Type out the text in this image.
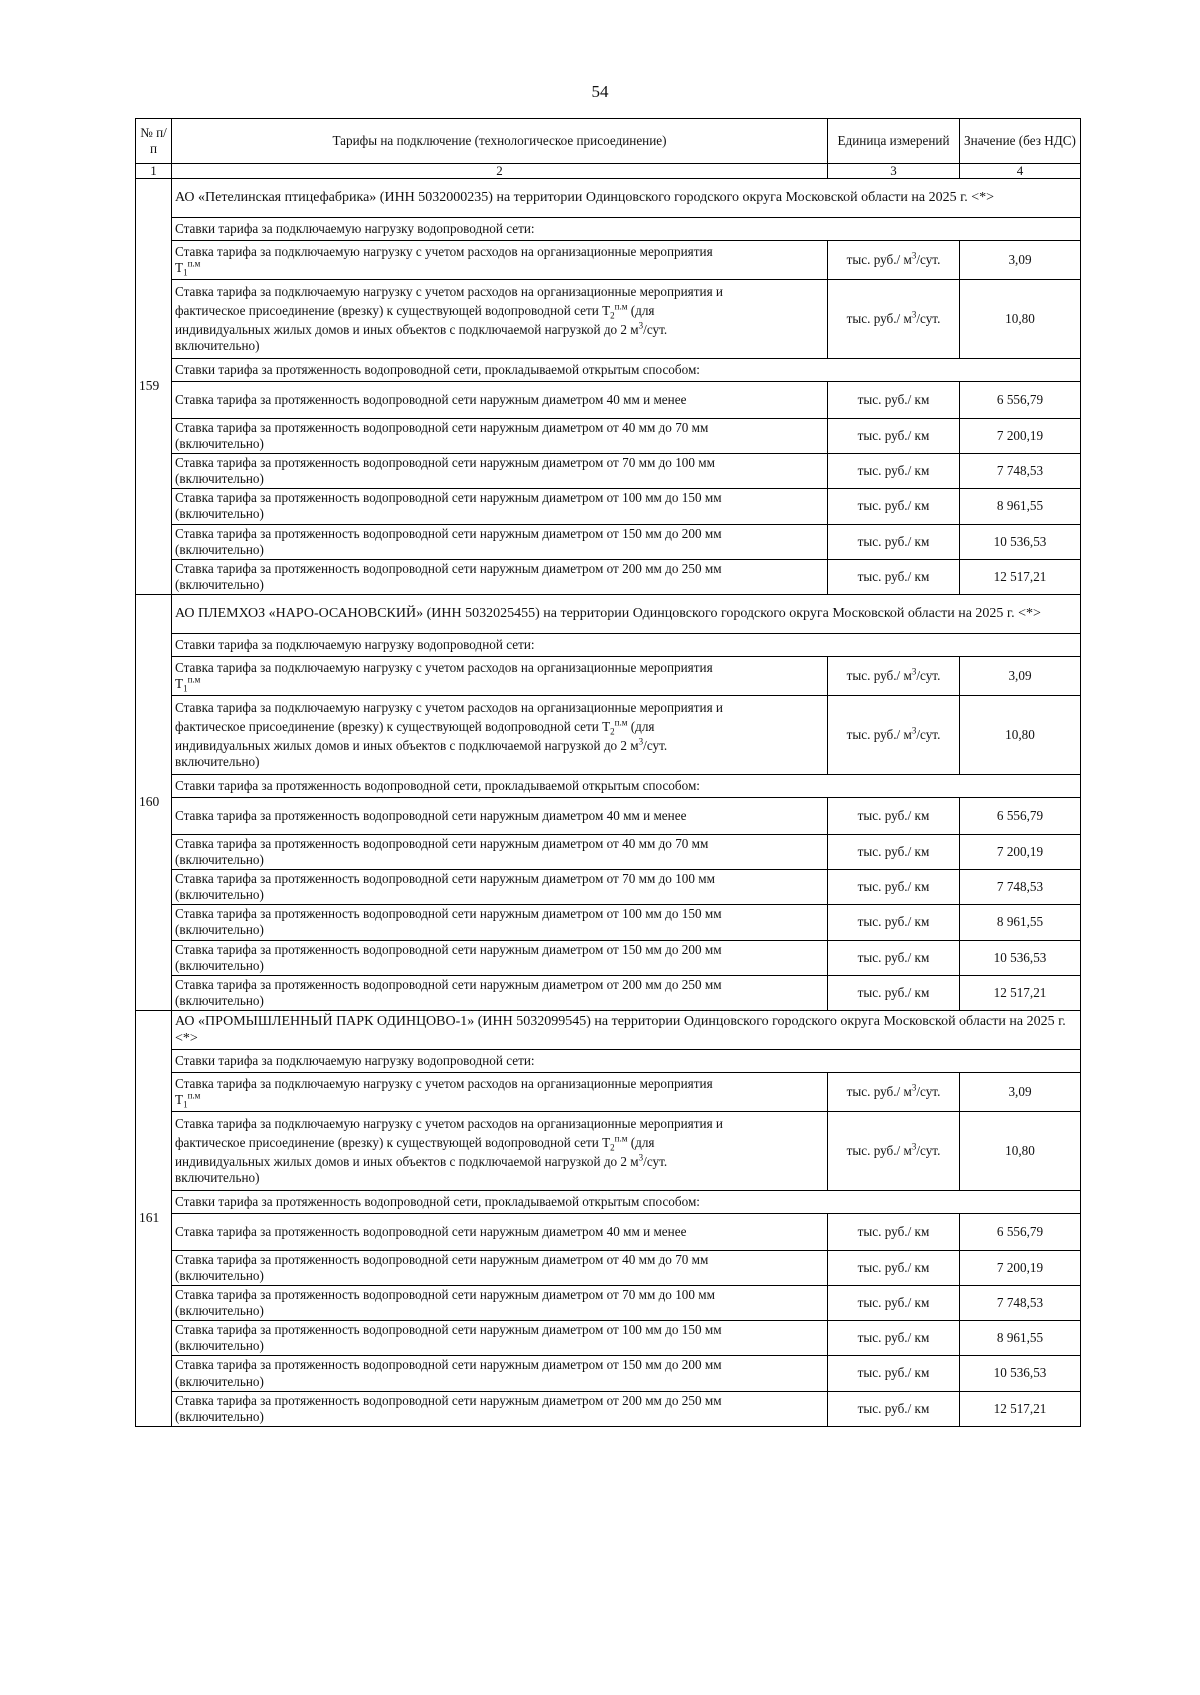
54
№ п/п	Тарифы на подключение (технологическое присоединение)	Единица измерений	Значение (без НДС)
1	2	3	4
159	АО «Петелинская птицефабрика» (ИНН 5032000235) на территории Одинцовского городского округа Московской области на 2025 г. <*>		
	Ставки тарифа за подключаемую нагрузку водопроводной сети:		

	Ставка тарифа за подключаемую нагрузку с учетом расходов на организационные мероприятия
$T_1^{п.м}$	тыс. руб./ $м^3$/сут.	3,09

	Ставка тарифа за подключаемую нагрузку с учетом расходов на организационные мероприятия и
фактическое присоединение (врезку) к существующей водопроводной сети $T_2^{п.м}$ (для
индивидуальных жилых домов и иных объектов с подключаемой нагрузкой до 2 $м^3$/сут.
включительно)	тыс. руб./ $м^3$/сут.	10,80
	Ставки тарифа за протяженность водопроводной сети, прокладываемой открытым способом:		

	Ставка тарифа за протяженность водопроводной сети наружным диаметром 40 мм и менее	тыс. руб./ км	6 556,79

	Ставка тарифа за протяженность водопроводной сети наружным диаметром от 40 мм до 70 мм
(включительно)	тыс. руб./ км	7 200,19

	Ставка тарифа за протяженность водопроводной сети наружным диаметром от 70 мм до 100 мм
(включительно)	тыс. руб./ км	7 748,53

	Ставка тарифа за протяженность водопроводной сети наружным диаметром от 100 мм до 150 мм
(включительно)	тыс. руб./ км	8 961,55

	Ставка тарифа за протяженность водопроводной сети наружным диаметром от 150 мм до 200 мм
(включительно)	тыс. руб./ км	10 536,53

	Ставка тарифа за протяженность водопроводной сети наружным диаметром от 200 мм до 250 мм
(включительно)	тыс. руб./ км	12 517,21
160	АО ПЛЕМХОЗ «НАРО-ОСАНОВСКИЙ» (ИНН 5032025455) на территории Одинцовского городского округа Московской области на 2025 г. <*>		
	Ставки тарифа за подключаемую нагрузку водопроводной сети:		

	Ставка тарифа за подключаемую нагрузку с учетом расходов на организационные мероприятия
$T_1^{п.м}$	тыс. руб./ $м^3$/сут.	3,09

	Ставка тарифа за подключаемую нагрузку с учетом расходов на организационные мероприятия и
фактическое присоединение (врезку) к существующей водопроводной сети $T_2^{п.м}$ (для
индивидуальных жилых домов и иных объектов с подключаемой нагрузкой до 2 $м^3$/сут.
включительно)	тыс. руб./ $м^3$/сут.	10,80
	Ставки тарифа за протяженность водопроводной сети, прокладываемой открытым способом:		

	Ставка тарифа за протяженность водопроводной сети наружным диаметром 40 мм и менее	тыс. руб./ км	6 556,79

	Ставка тарифа за протяженность водопроводной сети наружным диаметром от 40 мм до 70 мм
(включительно)	тыс. руб./ км	7 200,19

	Ставка тарифа за протяженность водопроводной сети наружным диаметром от 70 мм до 100 мм
(включительно)	тыс. руб./ км	7 748,53

	Ставка тарифа за протяженность водопроводной сети наружным диаметром от 100 мм до 150 мм
(включительно)	тыс. руб./ км	8 961,55

	Ставка тарифа за протяженность водопроводной сети наружным диаметром от 150 мм до 200 мм
(включительно)	тыс. руб./ км	10 536,53

	Ставка тарифа за протяженность водопроводной сети наружным диаметром от 200 мм до 250 мм
(включительно)	тыс. руб./ км	12 517,21
161	АО «ПРОМЫШЛЕННЫЙ ПАРК ОДИНЦОВО-1» (ИНН 5032099545) на территории Одинцовского городского округа Московской области на 2025 г. <*>		
	Ставки тарифа за подключаемую нагрузку водопроводной сети:		

	Ставка тарифа за подключаемую нагрузку с учетом расходов на организационные мероприятия
$T_1^{п.м}$	тыс. руб./ $м^3$/сут.	3,09

	Ставка тарифа за подключаемую нагрузку с учетом расходов на организационные мероприятия и
фактическое присоединение (врезку) к существующей водопроводной сети $T_2^{п.м}$ (для
индивидуальных жилых домов и иных объектов с подключаемой нагрузкой до 2 $м^3$/сут.
включительно)	тыс. руб./ $м^3$/сут.	10,80
	Ставки тарифа за протяженность водопроводной сети, прокладываемой открытым способом:		

	Ставка тарифа за протяженность водопроводной сети наружным диаметром 40 мм и менее	тыс. руб./ км	6 556,79

	Ставка тарифа за протяженность водопроводной сети наружным диаметром от 40 мм до 70 мм
(включительно)	тыс. руб./ км	7 200,19

	Ставка тарифа за протяженность водопроводной сети наружным диаметром от 70 мм до 100 мм
(включительно)	тыс. руб./ км	7 748,53

	Ставка тарифа за протяженность водопроводной сети наружным диаметром от 100 мм до 150 мм
(включительно)	тыс. руб./ км	8 961,55

	Ставка тарифа за протяженность водопроводной сети наружным диаметром от 150 мм до 200 мм
(включительно)	тыс. руб./ км	10 536,53

	Ставка тарифа за протяженность водопроводной сети наружным диаметром от 200 мм до 250 мм
(включительно)	тыс. руб./ км	12 517,21
